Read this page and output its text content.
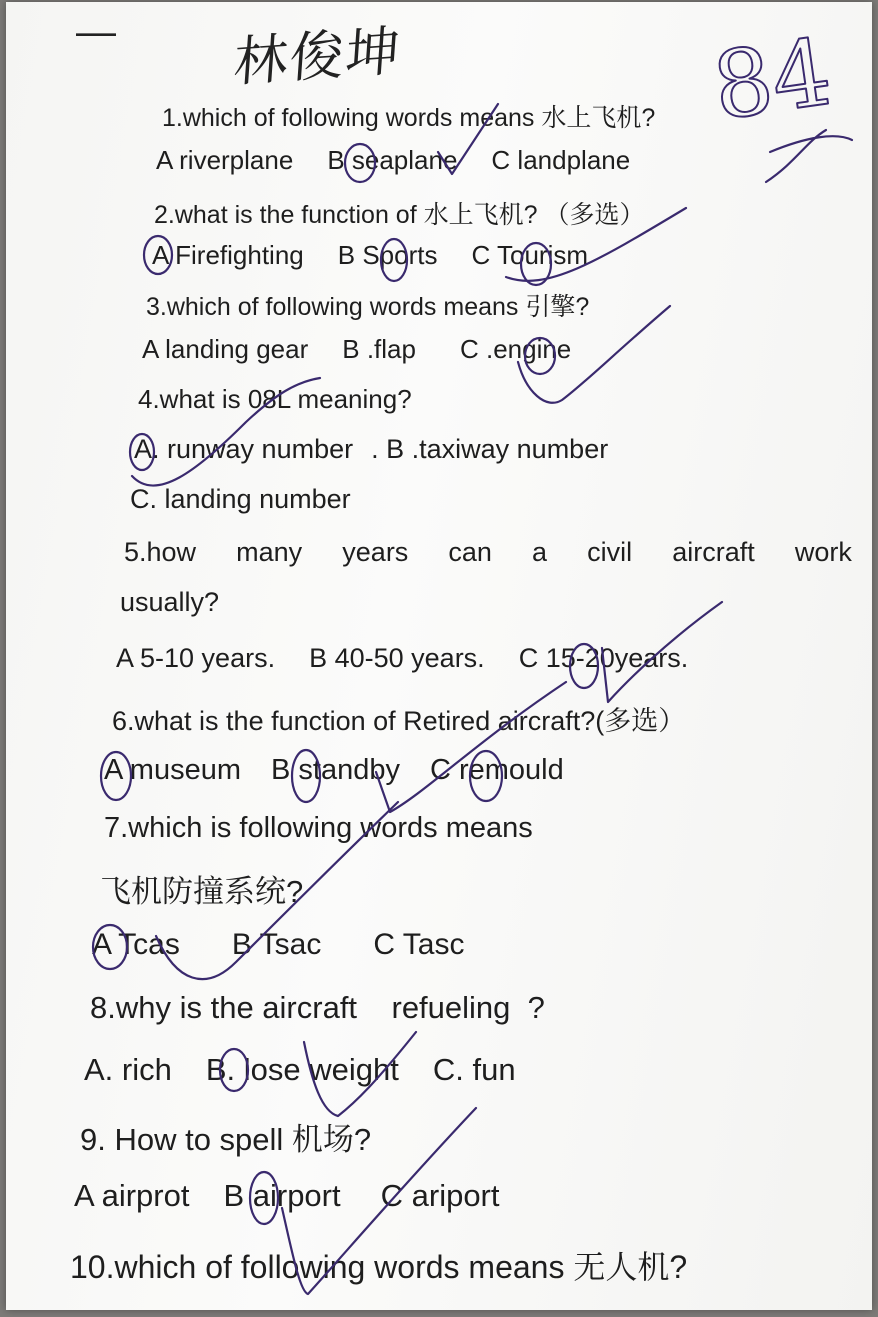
— 林俊坤
1.which of following words means 水上飞机?
A riverplane B seaplane C landplane
2.what is the function of 水上飞机? （多选）
A Firefighting B Sports C Tourism
3.which of following words means 引擎?
A landing gear B .flap C .engine
4.what is 08L meaning?
A. runway number . B .taxiway number
C. landing number
5.how many years can a civil aircraft work
usually?
A 5-10 years. B 40-50 years. C 15-20years.
6.what is the function of Retired aircraft?(多选）
A museum B standby C remould
7.which is following words means
飞机防撞系统?
A Tcas B Tsac C Tasc
8.why is the aircraft    refueling  ?
A. rich B. lose weight C. fun
9. How to spell 机场?
A airprot B airport C ariport
10.which of following words means 无人机?
84
